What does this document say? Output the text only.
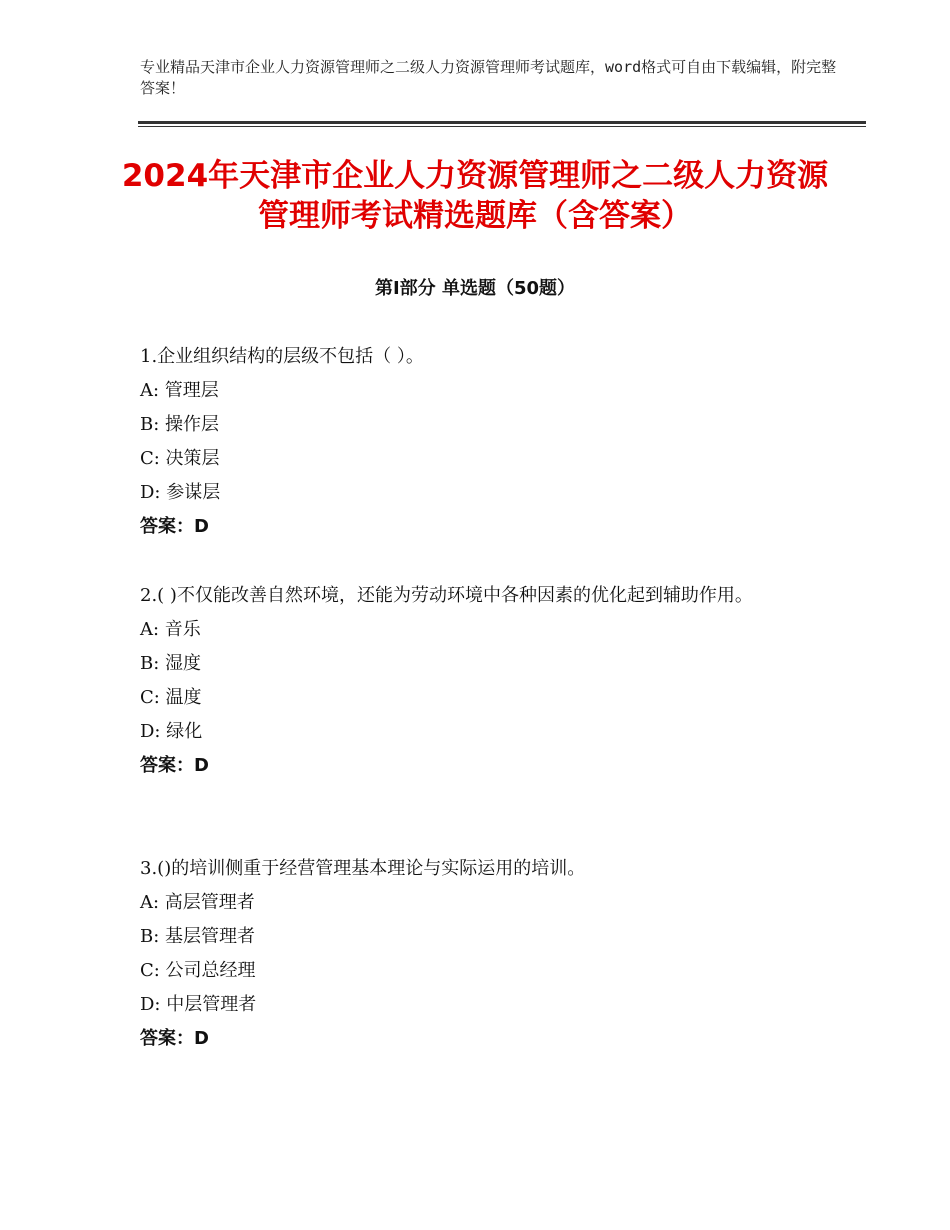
专业精品天津市企业人力资源管理师之二级人力资源管理师考试题库，word格式可自由下载编辑，附完整答案！
2024年天津市企业人力资源管理师之二级人力资源管理师考试精选题库（含答案）
第Ⅰ部分 单选题（50题）

1.企业组织结构的层级不包括（ ）。

A: 管理层

B: 操作层

C: 决策层

D: 参谋层

答案：D

2.( )不仅能改善自然环境，还能为劳动环境中各种因素的优化起到辅助作用。

A: 音乐

B: 湿度

C: 温度

D: 绿化

答案：D

3.()的培训侧重于经营管理基本理论与实际运用的培训。

A: 高层管理者

B: 基层管理者

C: 公司总经理

D: 中层管理者

答案：D
